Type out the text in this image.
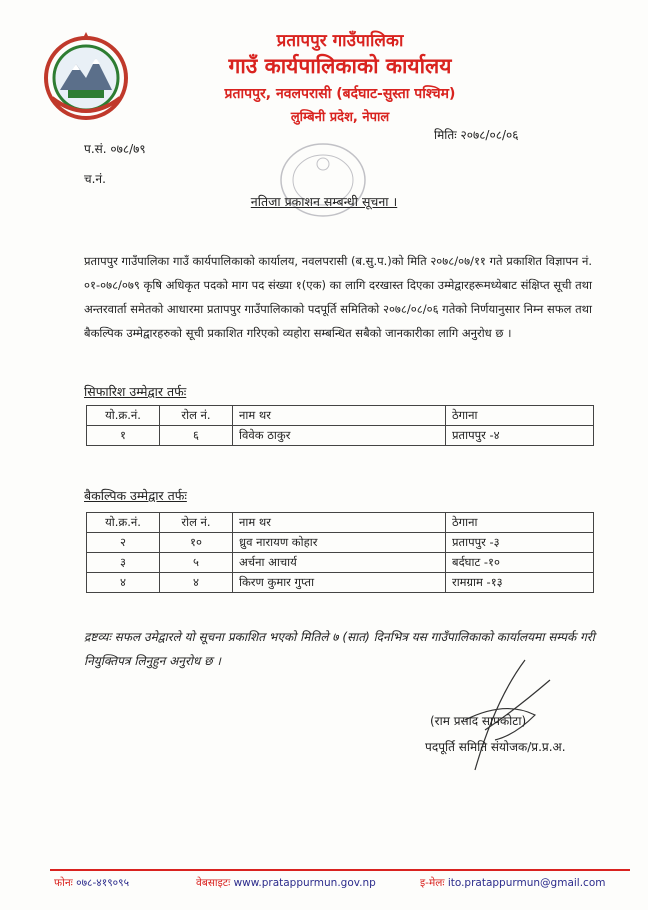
प्रतापपुर गाउँपालिका
गाउँ कार्यपालिकाको कार्यालय
प्रतापपुर, नवलपरासी (बर्दघाट-सुस्ता पश्चिम)
लुम्बिनी प्रदेश, नेपाल
प.सं. ०७८/७९
च.नं.
मितिः २०७८/०८/०६
नतिजा प्रकाशन सम्बन्धी सूचना ।
प्रतापपुर गाउँपालिका गाउँ कार्यपालिकाको कार्यालय, नवलपरासी (ब.सु.प.)को मिति २०७८/०७/११ गते प्रकाशित विज्ञापन नं. ०१-०७८/०७९ कृषि अधिकृत पदको माग पद संख्या १(एक) का लागि दरखास्त दिएका उम्मेद्वारहरूमध्येबाट संक्षिप्त सूची तथा अन्तरवार्ता समेतको आधारमा प्रतापपुर गाउँपालिकाको पदपूर्ति समितिको २०७८/०८/०६ गतेको निर्णयानुसार निम्न सफल तथा बैकल्पिक उम्मेद्वारहरुको सूची प्रकाशित गरिएको व्यहोरा सम्बन्धित सबैको जानकारीका लागि अनुरोध छ ।
सिफारिश उम्मेद्वार तर्फः
यो.क्र.नं.	रोल नं.	नाम थर	ठेगाना
१	६	विवेक ठाकुर	प्रतापपुर -४
बैकल्पिक उम्मेद्वार तर्फः
यो.क्र.नं.	रोल नं.	नाम थर	ठेगाना
२	१०	ध्रुव नारायण कोहार	प्रतापपुर -३
३	५	अर्चना आचार्य	बर्दघाट -१०
४	४	किरण कुमार गुप्ता	रामग्राम -१३
द्रष्टव्यः सफल उमेद्वारले यो सूचना प्रकाशित भएको मितिले ७ (सात) दिनभित्र यस गाउँपालिकाको कार्यालयमा सम्पर्क गरी नियुक्तिपत्र लिनुहुन अनुरोध छ ।
(राम प्रसाद सापकोटा)
पदपूर्ति समिति संयोजक/प्र.प्र.अ.
फोनः ०७८-४१९०९५	वेबसाइटः www.pratappurmun.gov.np	इ-मेलः ito.pratappurmun@gmail.com
